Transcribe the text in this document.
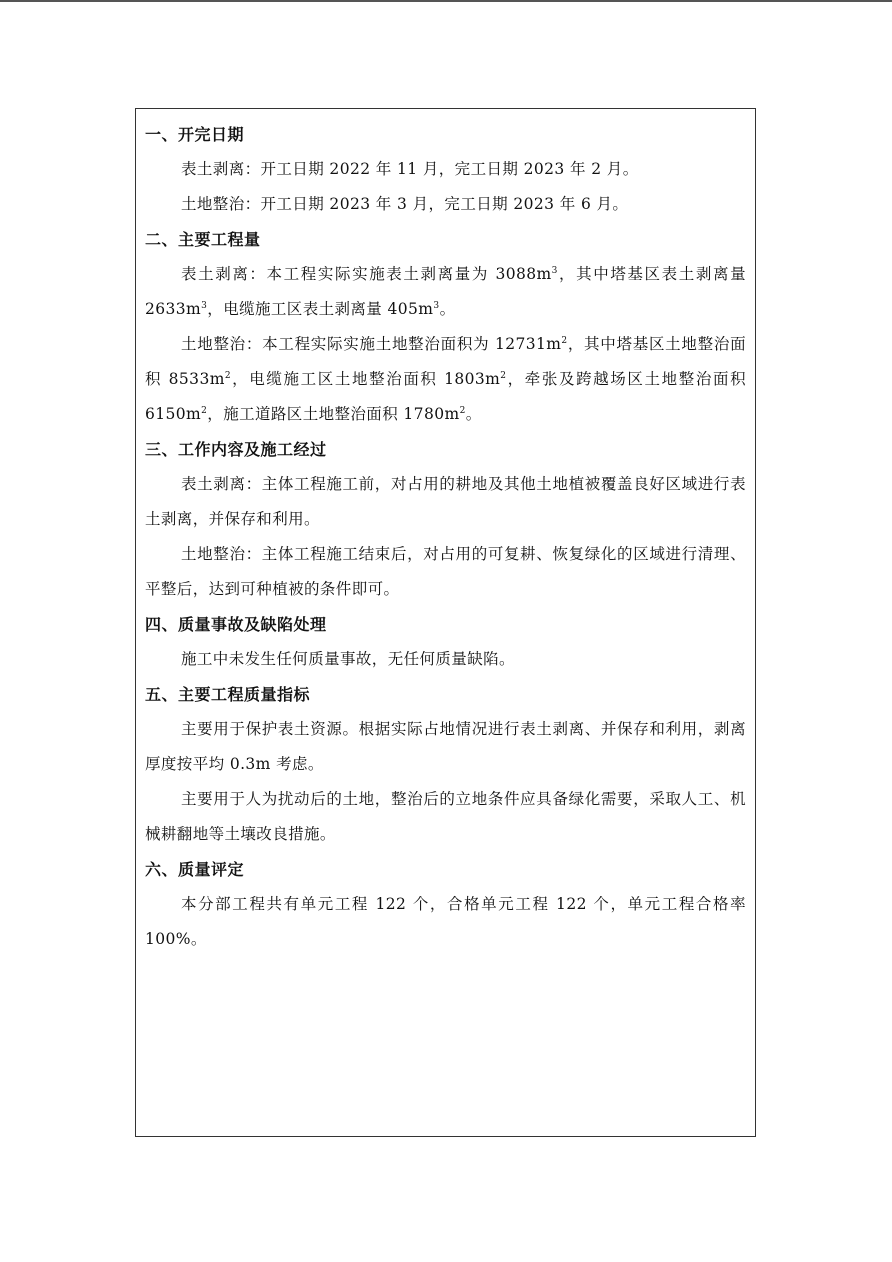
一、开完日期

表土剥离：开工日期 2022 年 11 月，完工日期 2023 年 2 月。

土地整治：开工日期 2023 年 3 月，完工日期 2023 年 6 月。

二、主要工程量

表土剥离：本工程实际实施表土剥离量为 $3088m^3$，其中塔基区表土剥离量 $2633m^3$，电缆施工区表土剥离量 $405m^3$。

土地整治：本工程实际实施土地整治面积为 $12731m^2$，其中塔基区土地整治面积 $8533m^2$，电缆施工区土地整治面积 $1803m^2$，牵张及跨越场区土地整治面积 $6150m^2$，施工道路区土地整治面积 $1780m^2$。

三、工作内容及施工经过

表土剥离：主体工程施工前，对占用的耕地及其他土地植被覆盖良好区域进行表土剥离，并保存和利用。

土地整治：主体工程施工结束后，对占用的可复耕、恢复绿化的区域进行清理、平整后，达到可种植被的条件即可。

四、质量事故及缺陷处理

施工中未发生任何质量事故，无任何质量缺陷。

五、主要工程质量指标

主要用于保护表土资源。根据实际占地情况进行表土剥离、并保存和利用，剥离厚度按平均 0.3m 考虑。

主要用于人为扰动后的土地，整治后的立地条件应具备绿化需要，采取人工、机械耕翻地等土壤改良措施。

六、质量评定

本分部工程共有单元工程 122 个，合格单元工程 122 个，单元工程合格率 100%。
